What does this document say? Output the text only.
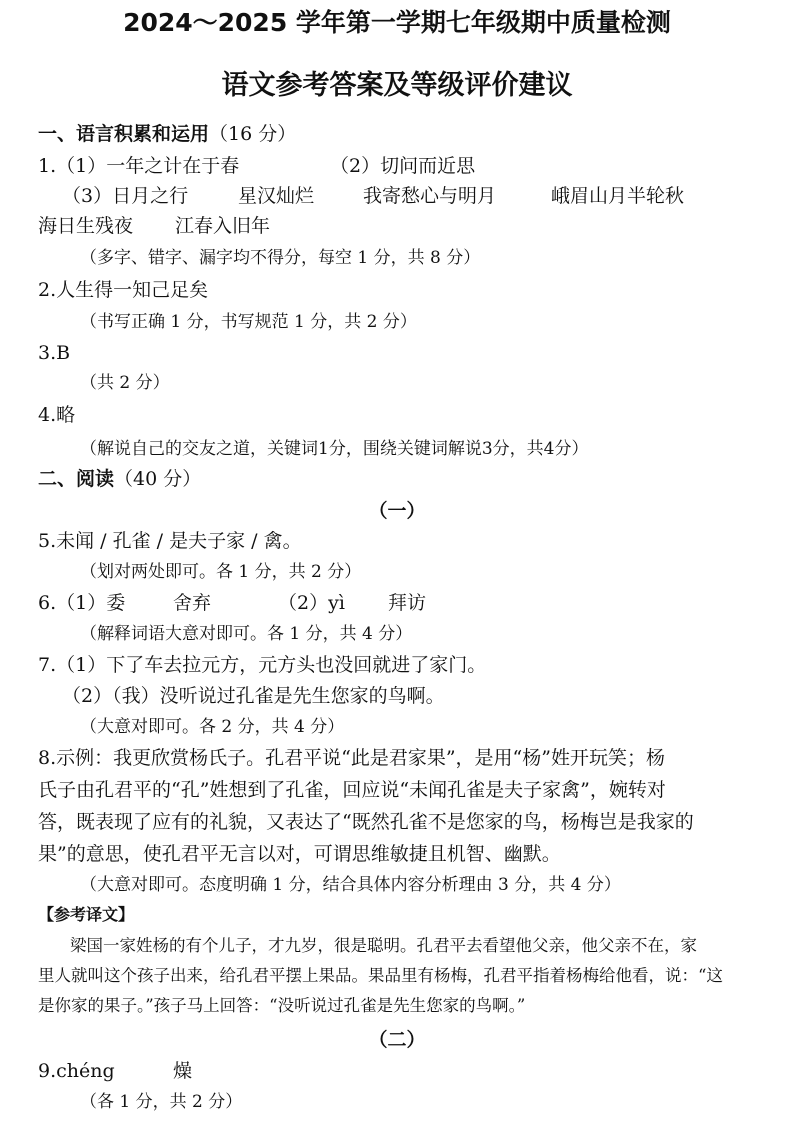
2024～2025 学年第一学期七年级期中质量检测
语文参考答案及等级评价建议
一、语言积累和运用（16 分）
1.（1）一年之计在于春	（2）切问而近思
（3）日月之行	星汉灿烂	我寄愁心与明月	峨眉山月半轮秋
海日生残夜 江春入旧年
（多字、错字、漏字均不得分，每空 1 分，共 8 分）
2.人生得一知己足矣
（书写正确 1 分，书写规范 1 分，共 2 分）
3.B
（共 2 分）
4.略
（解说自己的交友之道，关键词1分，围绕关键词解说3分，共4分）
二、阅读（40 分）
（一）
5.未闻 / 孔雀 / 是夫子家 / 禽。
（划对两处即可。各 1 分，共 2 分）
6.（1）委	舍弃	（2）yì 拜访
（解释词语大意对即可。各 1 分，共 4 分）
7.（1）下了车去拉元方，元方头也没回就进了家门。
（2）（我）没听说过孔雀是先生您家的鸟啊。
（大意对即可。各 2 分，共 4 分）
8.示例：我更欣赏杨氏子。孔君平说“此是君家果”，是用“杨”姓开玩笑；杨
氏子由孔君平的“孔”姓想到了孔雀，回应说“未闻孔雀是夫子家禽”，婉转对
答，既表现了应有的礼貌，又表达了“既然孔雀不是您家的鸟，杨梅岂是我家的
果”的意思，使孔君平无言以对，可谓思维敏捷且机智、幽默。
（大意对即可。态度明确 1 分，结合具体内容分析理由 3 分，共 4 分）
【参考译文】
梁国一家姓杨的有个儿子，才九岁，很是聪明。孔君平去看望他父亲，他父亲不在，家
里人就叫这个孩子出来，给孔君平摆上果品。果品里有杨梅，孔君平指着杨梅给他看，说：“这
是你家的果子。”孩子马上回答：“没听说过孔雀是先生您家的鸟啊。”
（二）
9.chéng	燥
（各 1 分，共 2 分）
